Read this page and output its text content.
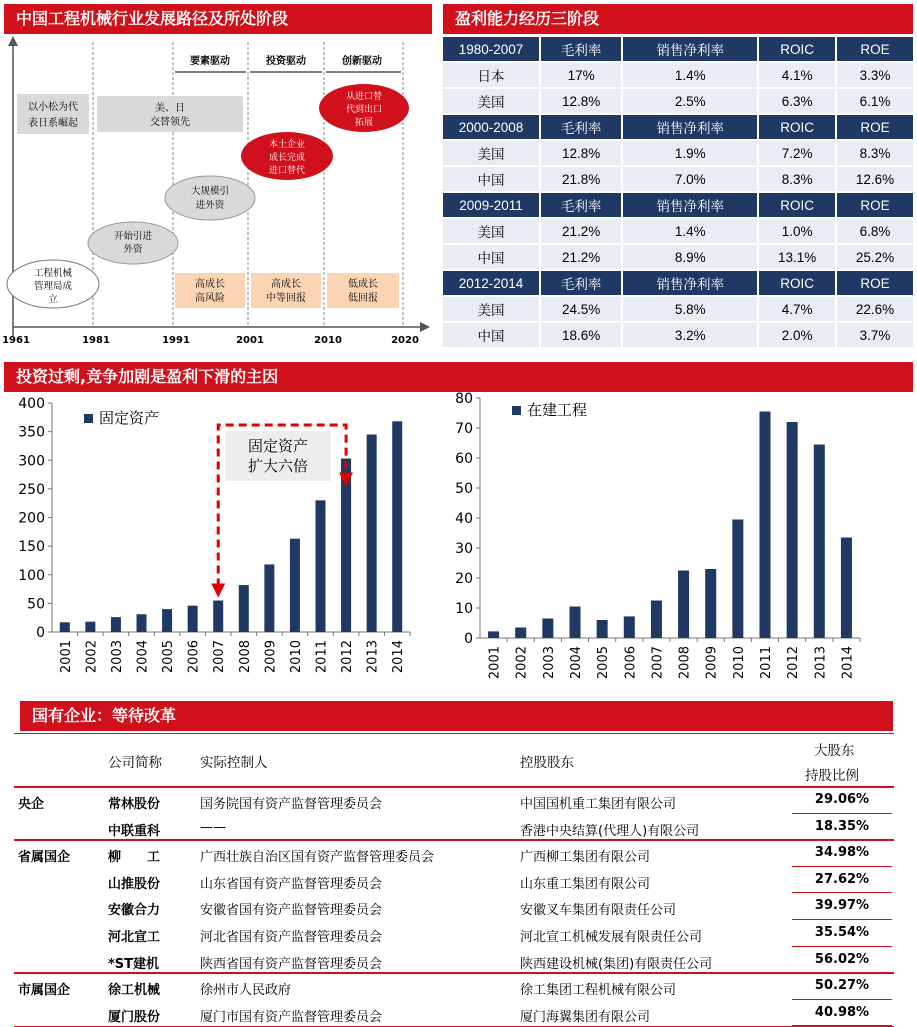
中国工程机械行业发展路径及所处阶段
要素驱动	投资驱动	创新驱动
以小松为代
表日系崛起
美、日
交替领先
工程机械
管理局成
立
开始引进
外资
大规模引
进外资
本土企业
成长完成
进口替代
从进口替
代到出口
拓展
高成长
高风险
高成长
中等回报
低成长
低回报
1961	1981	1991	2001	2010	2020
盈利能力经历三阶段
1980-2007	毛利率	销售净利率	ROIC	ROE
日本	17%	1.4%	4.1%	3.3%
美国	12.8%	2.5%	6.3%	6.1%
2000-2008	毛利率	销售净利率	ROIC	ROE
美国	12.8%	1.9%	7.2%	8.3%
中国	21.8%	7.0%	8.3%	12.6%
2009-2011	毛利率	销售净利率	ROIC	ROE
美国	21.2%	1.4%	1.0%	6.8%
中国	21.2%	8.9%	13.1%	25.2%
2012-2014	毛利率	销售净利率	ROIC	ROE
美国	24.5%	5.8%	4.7%	22.6%
中国	18.6%	3.2%	2.0%	3.7%
投资过剩,竞争加剧是盈利下滑的主因
0
50
100
150
200
250
300
350
400
2001 2002 2003 2004 2005 2006 2007 2008 2009 2010 2011 2012 2013 2014
固定资产
固定资产
扩大六倍
0
10
20
30
40
50
60
70
80
2001 2002 2003 2004 2005 2006 2007 2008 2009 2010 2011 2012 2013 2014
在建工程
国有企业：等待改革
公司简称	实际控制人	控股股东
大股东
持股比例
央企	常林股份	国务院国有资产监督管理委员会	中国国机重工集团有限公司	29.06%
中联重科	——	香港中央结算(代理人)有限公司	18.35%
省属国企	柳　　工	广西壮族自治区国有资产监督管理委员会	广西柳工集团有限公司	34.98%
山推股份	山东省国有资产监督管理委员会	山东重工集团有限公司	27.62%
安徽合力	安徽省国有资产监督管理委员会	安徽叉车集团有限责任公司	39.97%
河北宣工	河北省国有资产监督管理委员会	河北宣工机械发展有限责任公司	35.54%
*ST建机	陕西省国有资产监督管理委员会	陕西建设机械(集团)有限责任公司	56.02%
市属国企	徐工机械	徐州市人民政府	徐工集团工程机械有限公司	50.27%
厦门股份	厦门市国有资产监督管理委员会	厦门海翼集团有限公司	40.98%
